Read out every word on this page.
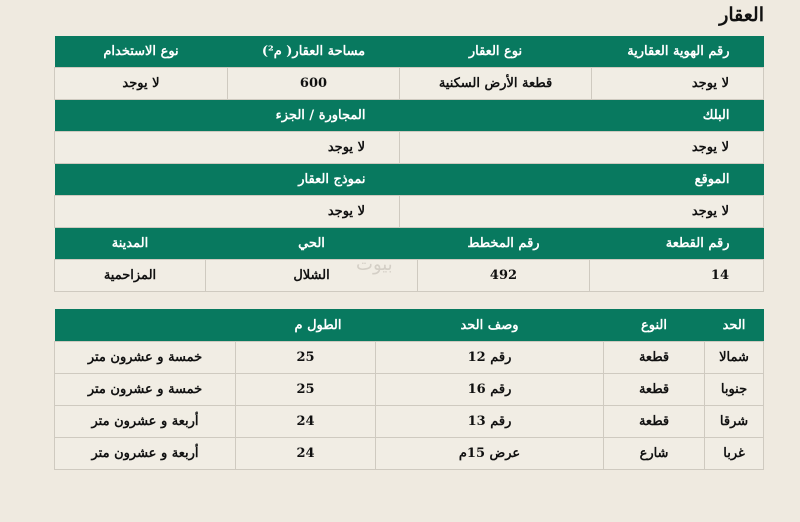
العقار
رقم الهوية العقارية	نوع العقار	مساحة العقار( م²)	نوع الاستخدام
لا يوجد	قطعة الأرض السكنية	600	لا يوجد
البلك		المجاورة / الجزء	
لا يوجد		لا يوجد	
الموقع		نموذج العقار	
لا يوجد		لا يوجد	
رقم القطعة	رقم المخطط	الحي	المدينة
14	492	الشلال	المزاحمية
بيوت
الحد	النوع	وصف الحد	الطول م	
شمالا	قطعة	رقم 12	25	خمسة و عشرون متر
جنوبا	قطعة	رقم 16	25	خمسة و عشرون متر
شرقا	قطعة	رقم 13	24	أربعة و عشرون متر
غربا	شارع	عرض 15م	24	أربعة و عشرون متر
